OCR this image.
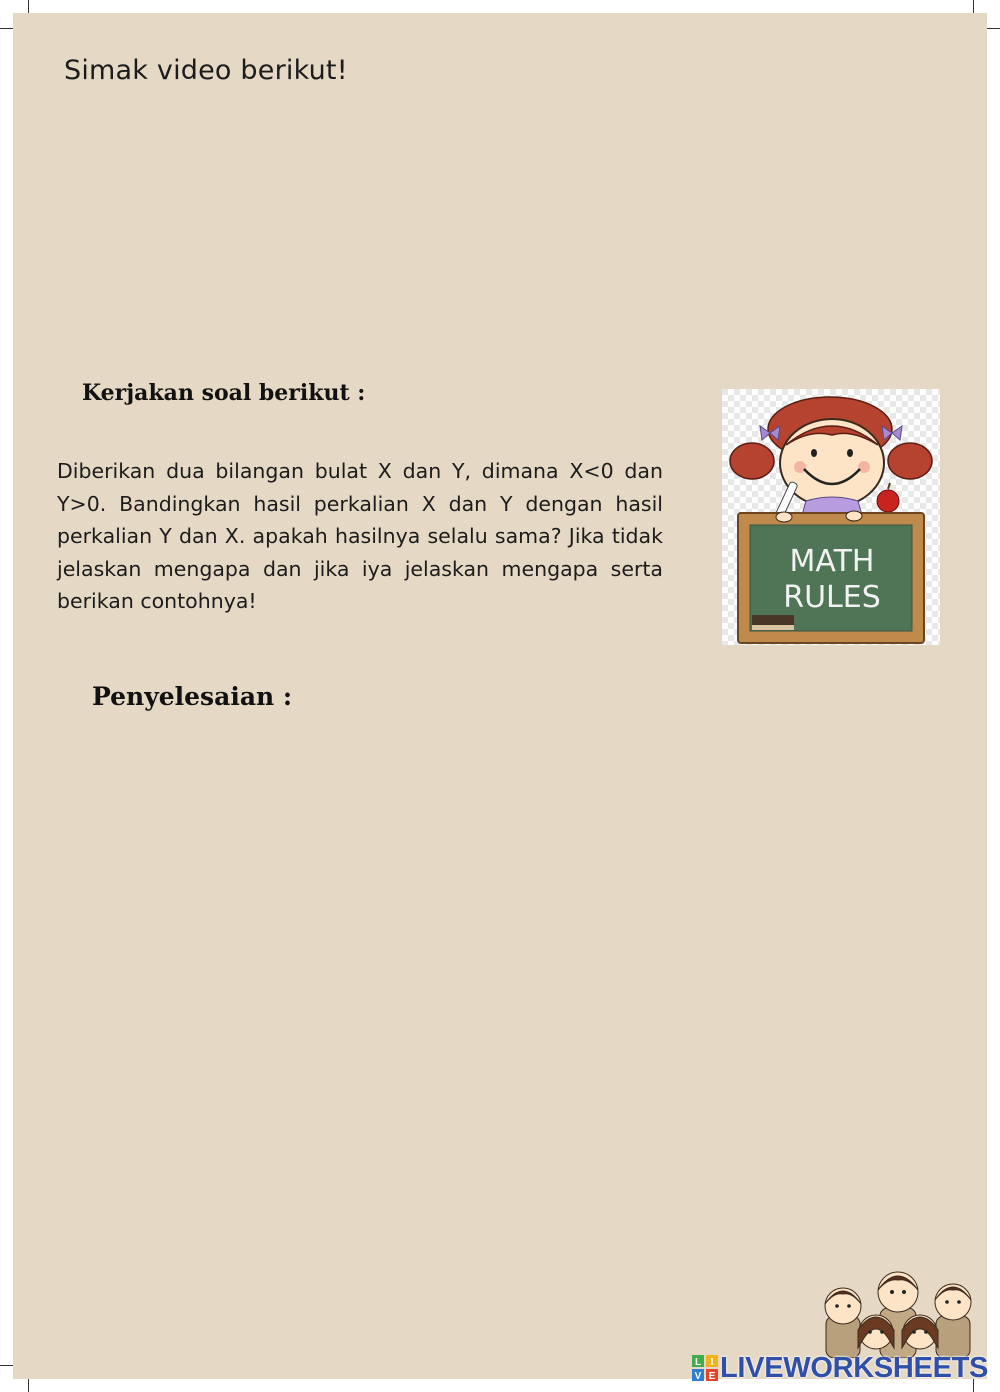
Simak video berikut!
Kerjakan soal berikut :
Diberikan dua bilangan bulat X dan Y, dimana X<0 dan Y>0. Bandingkan hasil perkalian X dan Y dengan hasil perkalian Y dan X. apakah hasilnya selalu sama? Jika tidak jelaskan mengapa dan jika iya jelaskan mengapa serta berikan contohnya!
Penyelesaian :
MATH
RULES
L I
V E LIVEWORKSHEETS
